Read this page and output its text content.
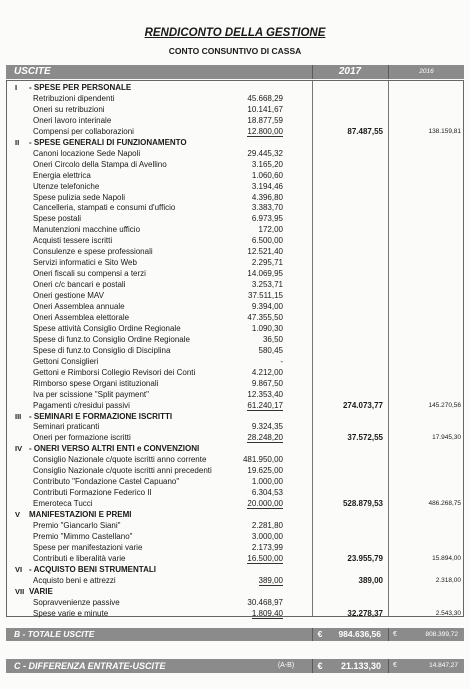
RENDICONTO DELLA GESTIONE
CONTO CONSUNTIVO DI CASSA
USCITE	2017	2016
I - SPESE PER PERSONALE
Retribuzioni dipendenti	45.668,29
Oneri su retribuzioni	10.141,67
Oneri lavoro interinale	18.877,59
Compensi per collaborazioni	12.800,00	87.487,55	138.159,81
II - SPESE GENERALI DI FUNZIONAMENTO
Canoni locazione Sede Napoli	29.445,32
Oneri Circolo della Stampa di Avellino	3.165,20
Energia elettrica	1.060,60
Utenze telefoniche	3.194,46
Spese pulizia sede Napoli	4.396,80
Cancelleria, stampati e consumi d'ufficio	3.383,70
Spese postali	6.973,95
Manutenzioni macchine ufficio	172,00
Acquisti tessere iscritti	6.500,00
Consulenze e spese professionali	12.521,40
Servizi informatici e Sito Web	2.295,71
Oneri fiscali su compensi a terzi	14.069,95
Oneri c/c bancari e postali	3.253,71
Oneri gestione MAV	37.511,15
Oneri Assemblea annuale	9.394,00
Oneri Assemblea elettorale	47.355,50
Spese attività Consiglio Ordine Regionale	1.090,30
Spese di funz.to Consiglio Ordine Regionale	36,50
Spese di funz.to Consiglio di Disciplina	580,45
Gettoni Consiglieri	-
Gettoni e Rimborsi Collegio Revisori dei Conti	4.212,00
Rimborso spese Organi istituzionali	9.867,50
Iva per scissione "Split payment"	12.353,40
Pagamenti c/residui passivi	61.240,17	274.073,77	145.270,56
III - SEMINARI E FORMAZIONE ISCRITTI
Seminari praticanti	9.324,35
Oneri per formazione iscritti	28.248,20	37.572,55	17.945,30
IV - ONERI VERSO ALTRI ENTI e CONVENZIONI
Consiglio Nazionale c/quote iscritti anno corrente	481.950,00
Consiglio Nazionale c/quote iscritti anni precedenti	19.625,00
Contributo "Fondazione Castel Capuano"	1.000,00
Contributi Formazione Federico II	6.304,53
Emeroteca Tucci	20.000,00	528.879,53	486.268,75
V MANIFESTAZIONI E PREMI
Premio "Giancarlo Siani"	2.281,80
Premio "Mimmo Castellano"	3.000,00
Spese per manifestazioni varie	2.173,99
Contributi e liberalità varie	16.500,00	23.955,79	15.894,00
VI - ACQUISTO BENI STRUMENTALI
Acquisto beni e attrezzi	389,00	389,00	2.318,00
VII VARIE
Sopravvenienze passive	30.468,97
Spese varie e minute	1.809,40	32.278,37	2.543,30
B - TOTALE USCITE	€	984.636,56 €	808.399,72
C - DIFFERENZA ENTRATE-USCITE	(A-B)	€ 21.133,30 €	14.847,27
